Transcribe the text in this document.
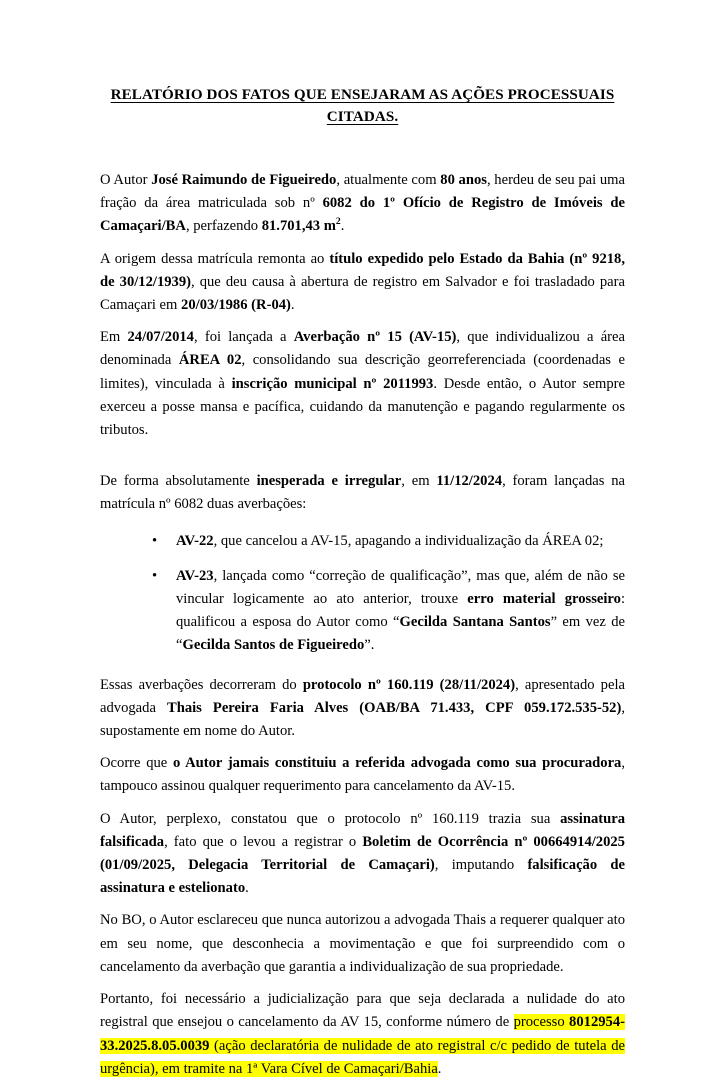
RELATÓRIO DOS FATOS QUE ENSEJARAM AS AÇÕES PROCESSUAIS
CITADAS.

O Autor José Raimundo de Figueiredo, atualmente com 80 anos, herdeu de seu pai uma fração da área matriculada sob nº 6082 do 1º Ofício de Registro de Imóveis de Camaçari/BA, perfazendo 81.701,43 $m^2$.

A origem dessa matrícula remonta ao título expedido pelo Estado da Bahia (nº 9218, de 30/12/1939), que deu causa à abertura de registro em Salvador e foi trasladado para Camaçari em 20/03/1986 (R-04).

Em 24/07/2014, foi lançada a Averbação nº 15 (AV-15), que individualizou a área denominada ÁREA 02, consolidando sua descrição georreferenciada (coordenadas e limites), vinculada à inscrição municipal nº 2011993. Desde então, o Autor sempre exerceu a posse mansa e pacífica, cuidando da manutenção e pagando regularmente os tributos.

De forma absolutamente inesperada e irregular, em 11/12/2024, foram lançadas na matrícula nº 6082 duas averbações:

• AV-22, que cancelou a AV-15, apagando a individualização da ÁREA 02;
• AV-23, lançada como “correção de qualificação”, mas que, além de não se vincular logicamente ao ato anterior, trouxe erro material grosseiro: qualificou a esposa do Autor como “Gecilda Santana Santos” em vez de “Gecilda Santos de Figueiredo”.

Essas averbações decorreram do protocolo nº 160.119 (28/11/2024), apresentado pela advogada Thais Pereira Faria Alves (OAB/BA 71.433, CPF 059.172.535-52), supostamente em nome do Autor.

Ocorre que o Autor jamais constituiu a referida advogada como sua procuradora, tampouco assinou qualquer requerimento para cancelamento da AV-15.

O Autor, perplexo, constatou que o protocolo nº 160.119 trazia sua assinatura falsificada, fato que o levou a registrar o Boletim de Ocorrência nº 00664914/2025 (01/09/2025, Delegacia Territorial de Camaçari), imputando falsificação de assinatura e estelionato.

No BO, o Autor esclareceu que nunca autorizou a advogada Thais a requerer qualquer ato em seu nome, que desconhecia a movimentação e que foi surpreendido com o cancelamento da averbação que garantia a individualização de sua propriedade.

Portanto, foi necessário a judicialização para que seja declarada a nulidade do ato registral que ensejou o cancelamento da AV 15, conforme número de processo 8012954-33.2025.8.05.0039 (ação declaratória de nulidade de ato registral c/c pedido de tutela de urgência), em tramite na 1ª Vara Cível de Camaçari/Bahia.
